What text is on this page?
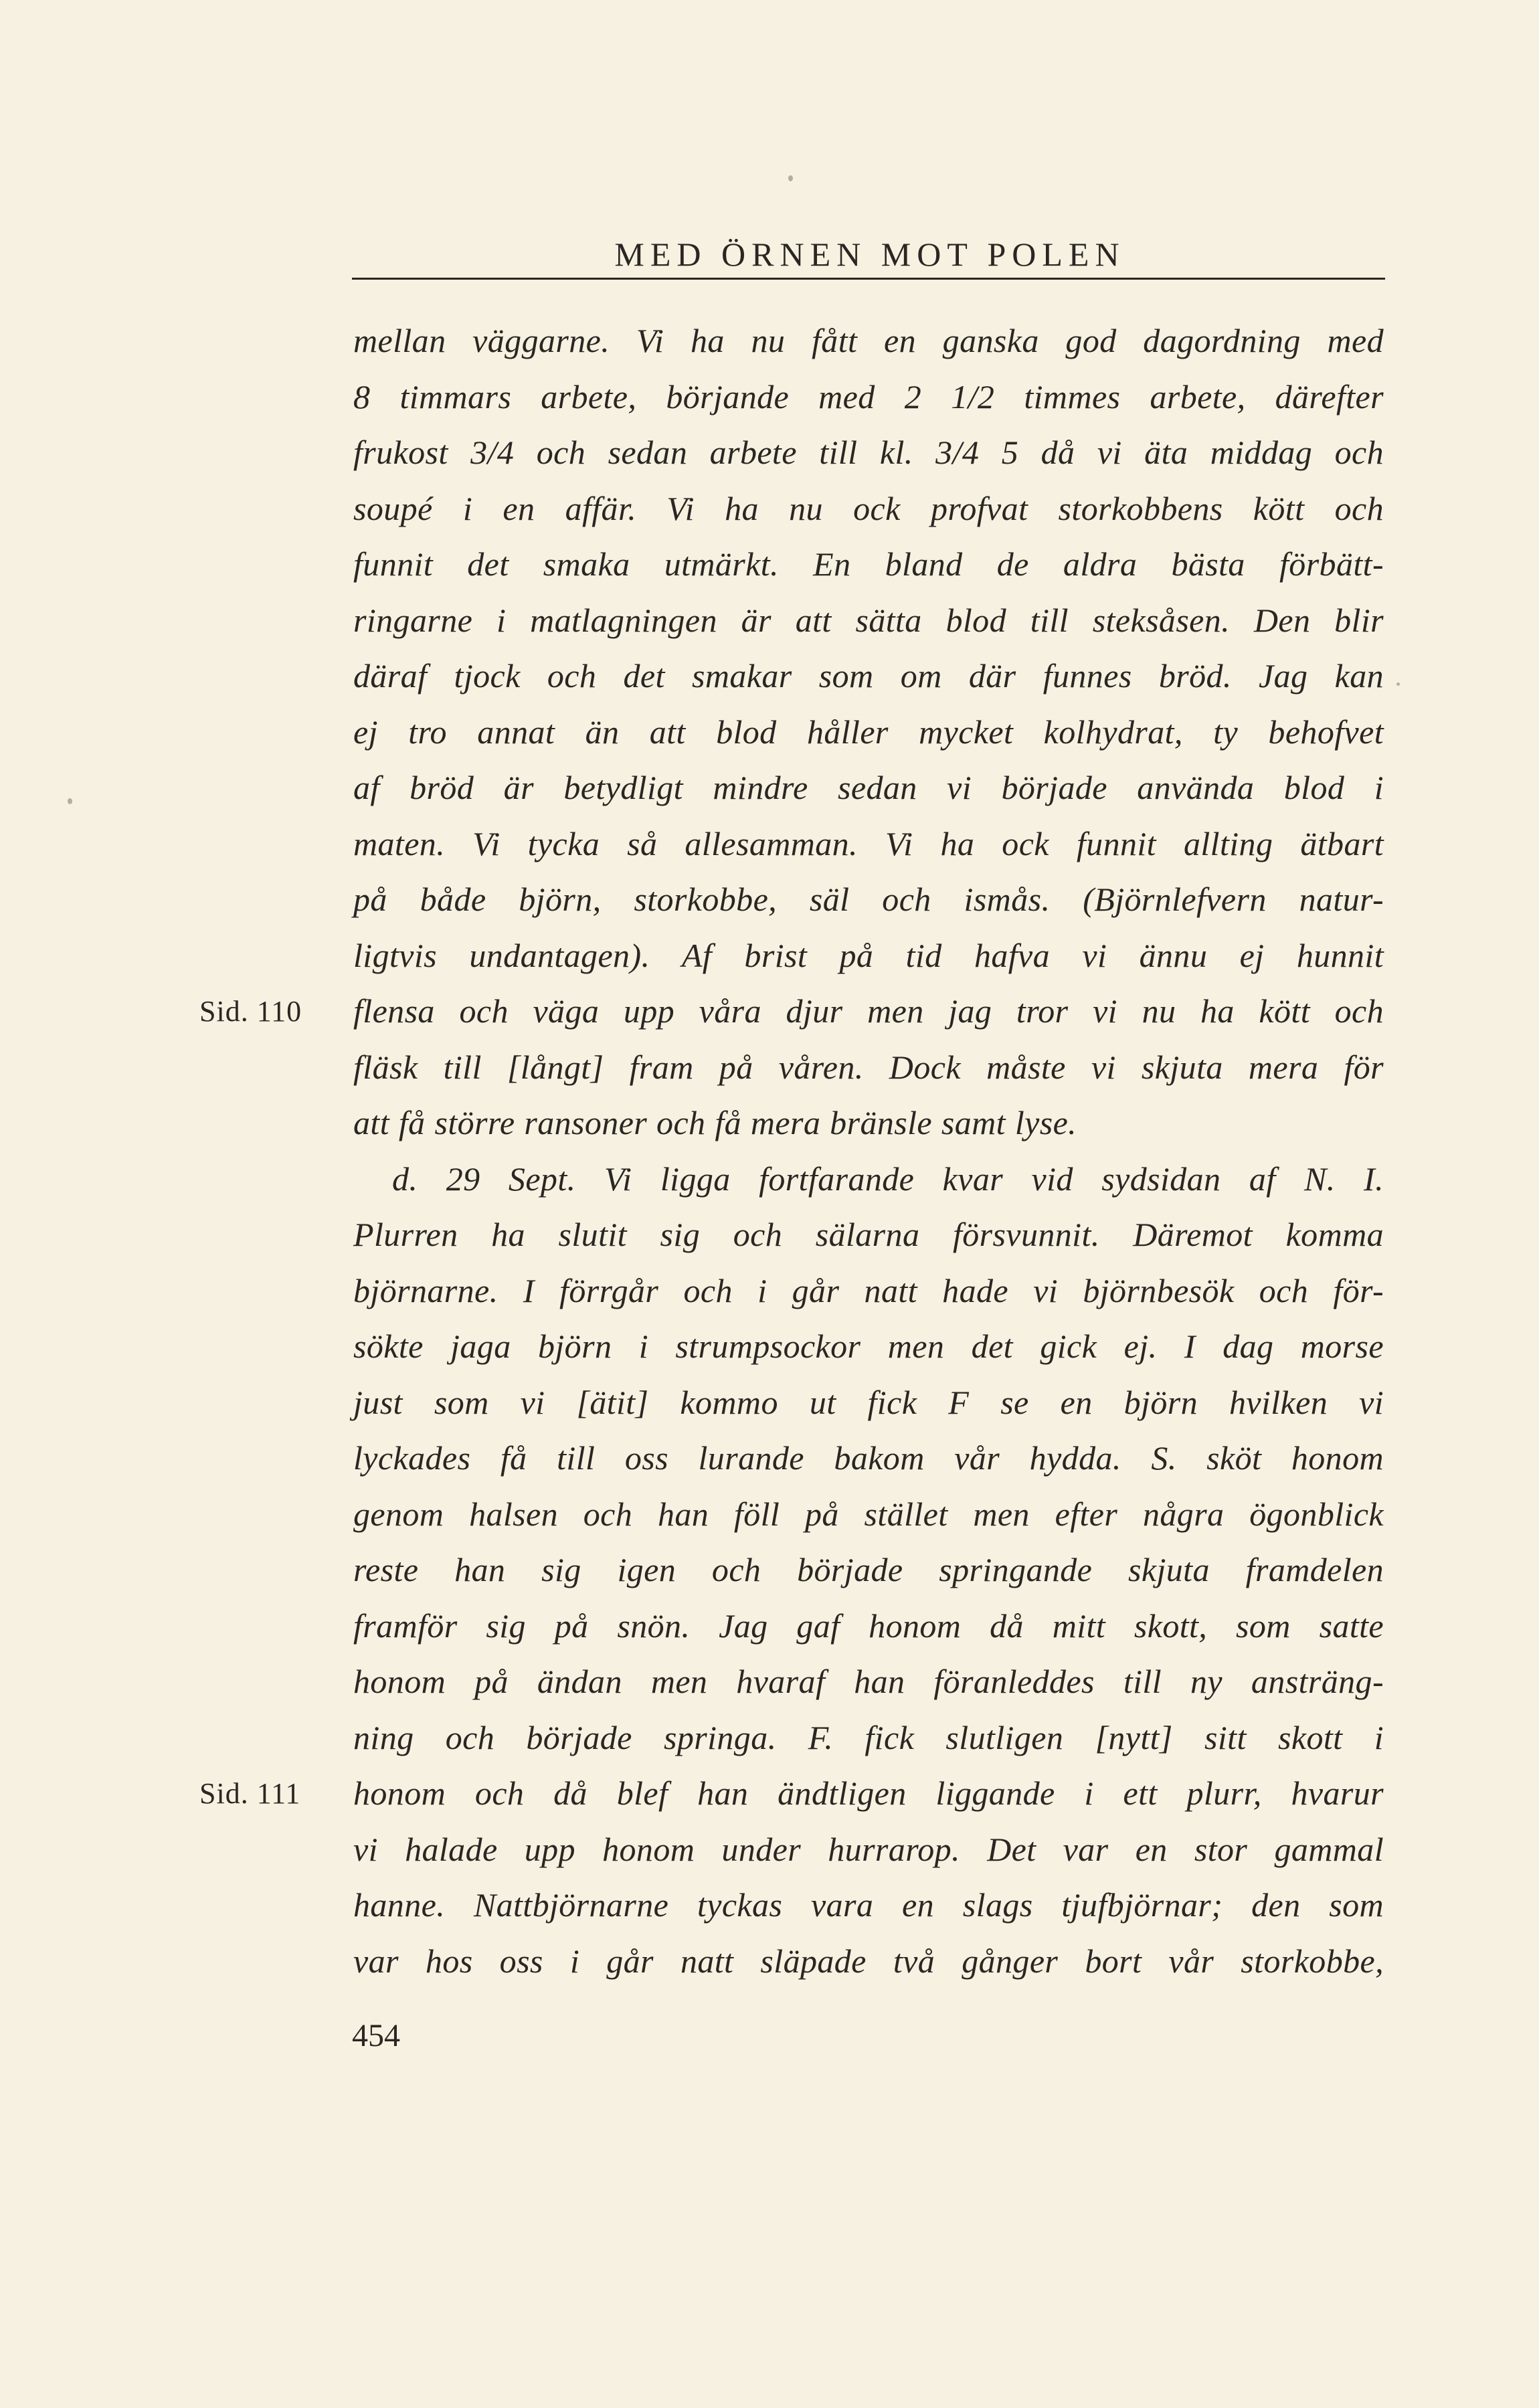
MED ÖRNEN MOT POLEN
mellan väggarne. Vi ha nu fått en ganska god dagordning med
8 timmars arbete, börjande med 2 1/2 timmes arbete, därefter
frukost 3/4 och sedan arbete till kl. 3/4 5 då vi äta middag och
soupé i en affär. Vi ha nu ock profvat storkobbens kött och
funnit det smaka utmärkt. En bland de aldra bästa förbätt-
ringarne i matlagningen är att sätta blod till steksåsen. Den blir
däraf tjock och det smakar som om där funnes bröd. Jag kan
ej tro annat än att blod håller mycket kolhydrat, ty behofvet
af bröd är betydligt mindre sedan vi började använda blod i
maten. Vi tycka så allesamman. Vi ha ock funnit allting ätbart
på både björn, storkobbe, säl och ismås. (Björnlefvern natur-
ligtvis undantagen). Af brist på tid hafva vi ännu ej hunnit
flensa och väga upp våra djur men jag tror vi nu ha kött och
fläsk till [långt] fram på våren. Dock måste vi skjuta mera för
att få större ransoner och få mera bränsle samt lyse.
d. 29 Sept. Vi ligga fortfarande kvar vid sydsidan af N. I.
Plurren ha slutit sig och sälarna försvunnit. Däremot komma
björnarne. I förrgår och i går natt hade vi björnbesök och för-
sökte jaga björn i strumpsockor men det gick ej. I dag morse
just som vi [ätit] kommo ut fick F se en björn hvilken vi
lyckades få till oss lurande bakom vår hydda. S. sköt honom
genom halsen och han föll på stället men efter några ögonblick
reste han sig igen och började springande skjuta framdelen
framför sig på snön. Jag gaf honom då mitt skott, som satte
honom på ändan men hvaraf han föranleddes till ny ansträng-
ning och började springa. F. fick slutligen [nytt] sitt skott i
honom och då blef han ändtligen liggande i ett plurr, hvarur
vi halade upp honom under hurrarop. Det var en stor gammal
hanne. Nattbjörnarne tyckas vara en slags tjufbjörnar; den som
var hos oss i går natt släpade två gånger bort vår storkobbe,
Sid. 110
Sid. 111
454
